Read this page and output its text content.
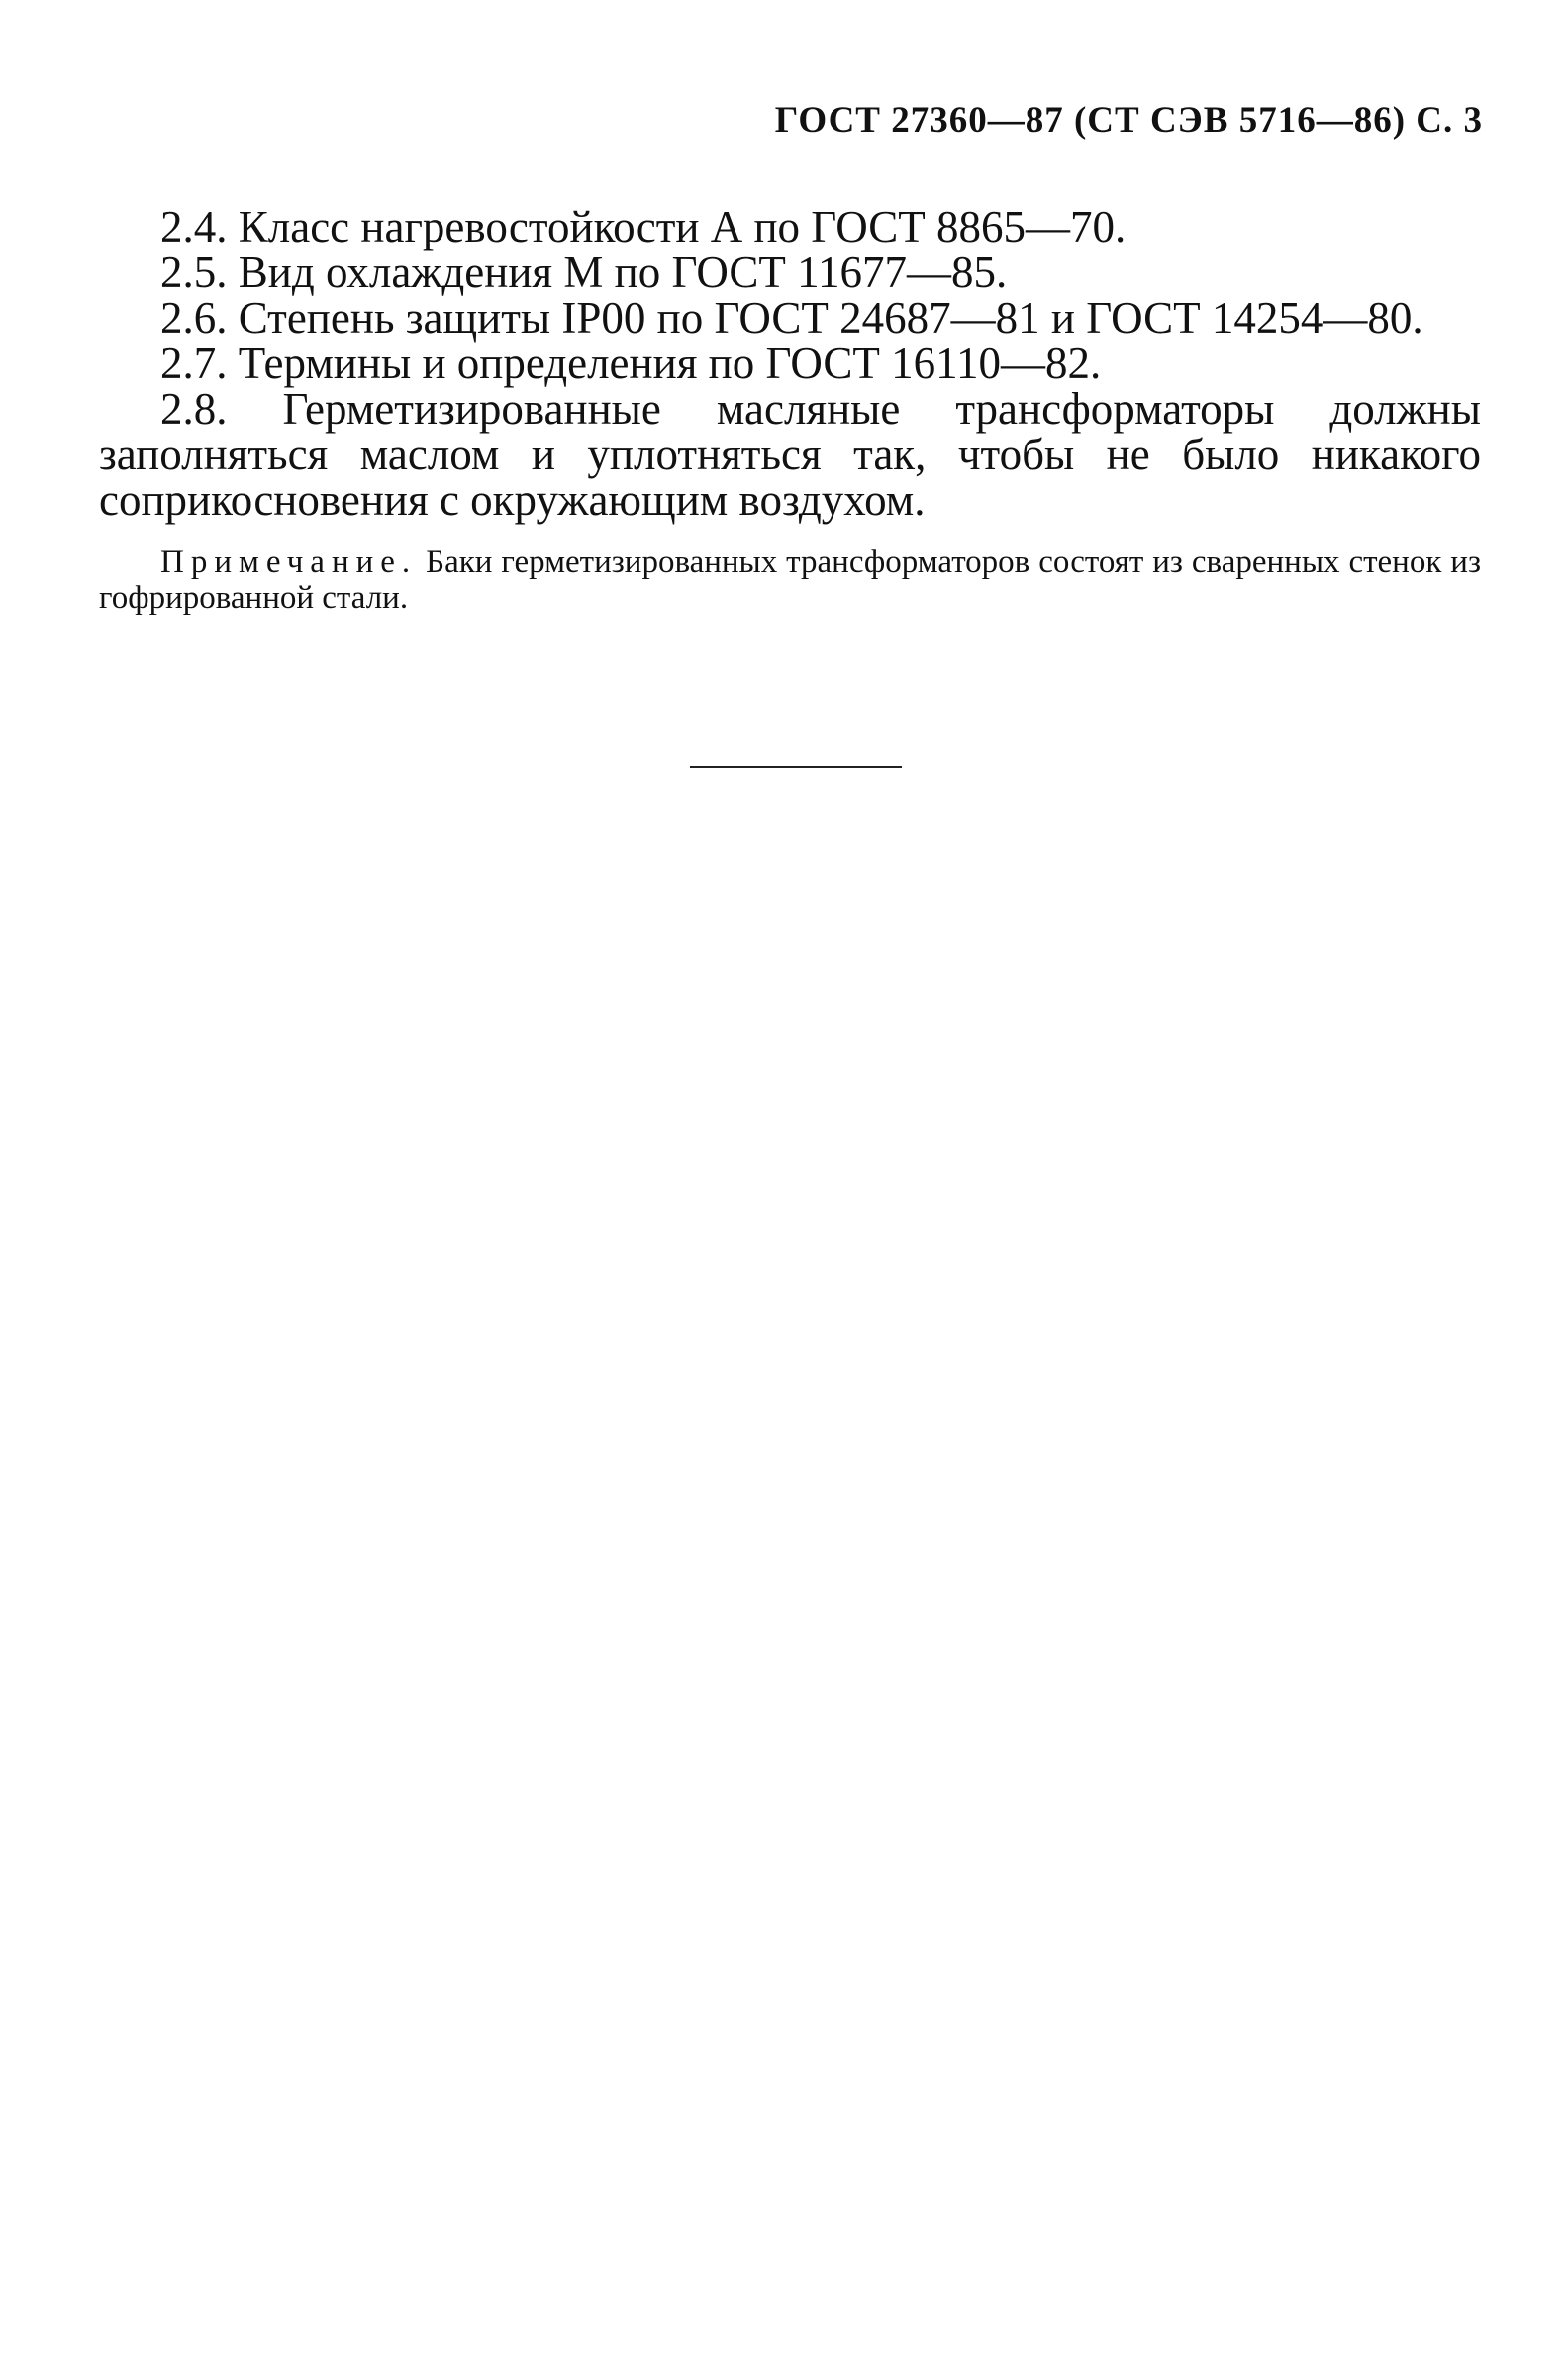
ГОСТ 27360—87 (СТ СЭВ 5716—86) С. 3

2.4. Класс нагревостойкости А по ГОСТ 8865—70.

2.5. Вид охлаждения М по ГОСТ 11677—85.

2.6. Степень защиты IP00 по ГОСТ 24687—81 и ГОСТ 14254—80.

2.7. Термины и определения по ГОСТ 16110—82.

2.8. Герметизированные масляные трансформаторы должны заполняться маслом и уплотняться так, чтобы не было никакого соприкосновения с окружающим воздухом.

Примечание. Баки герметизированных трансформаторов состоят из сваренных стенок из гофрированной стали.
